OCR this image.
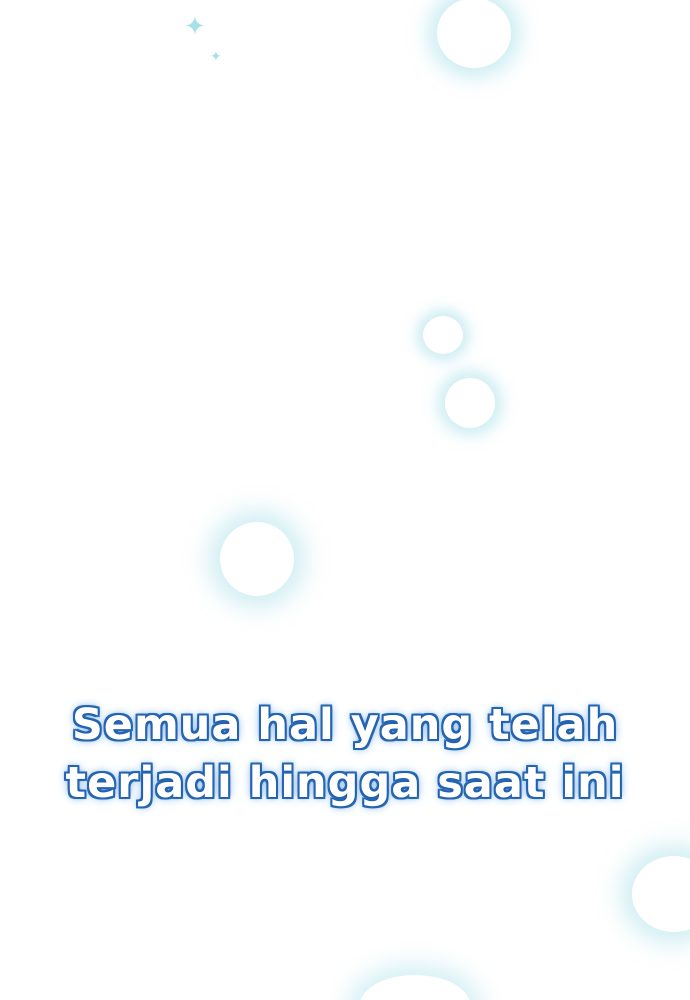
✦
✦
Semua hal yang telah
terjadi hingga saat ini
